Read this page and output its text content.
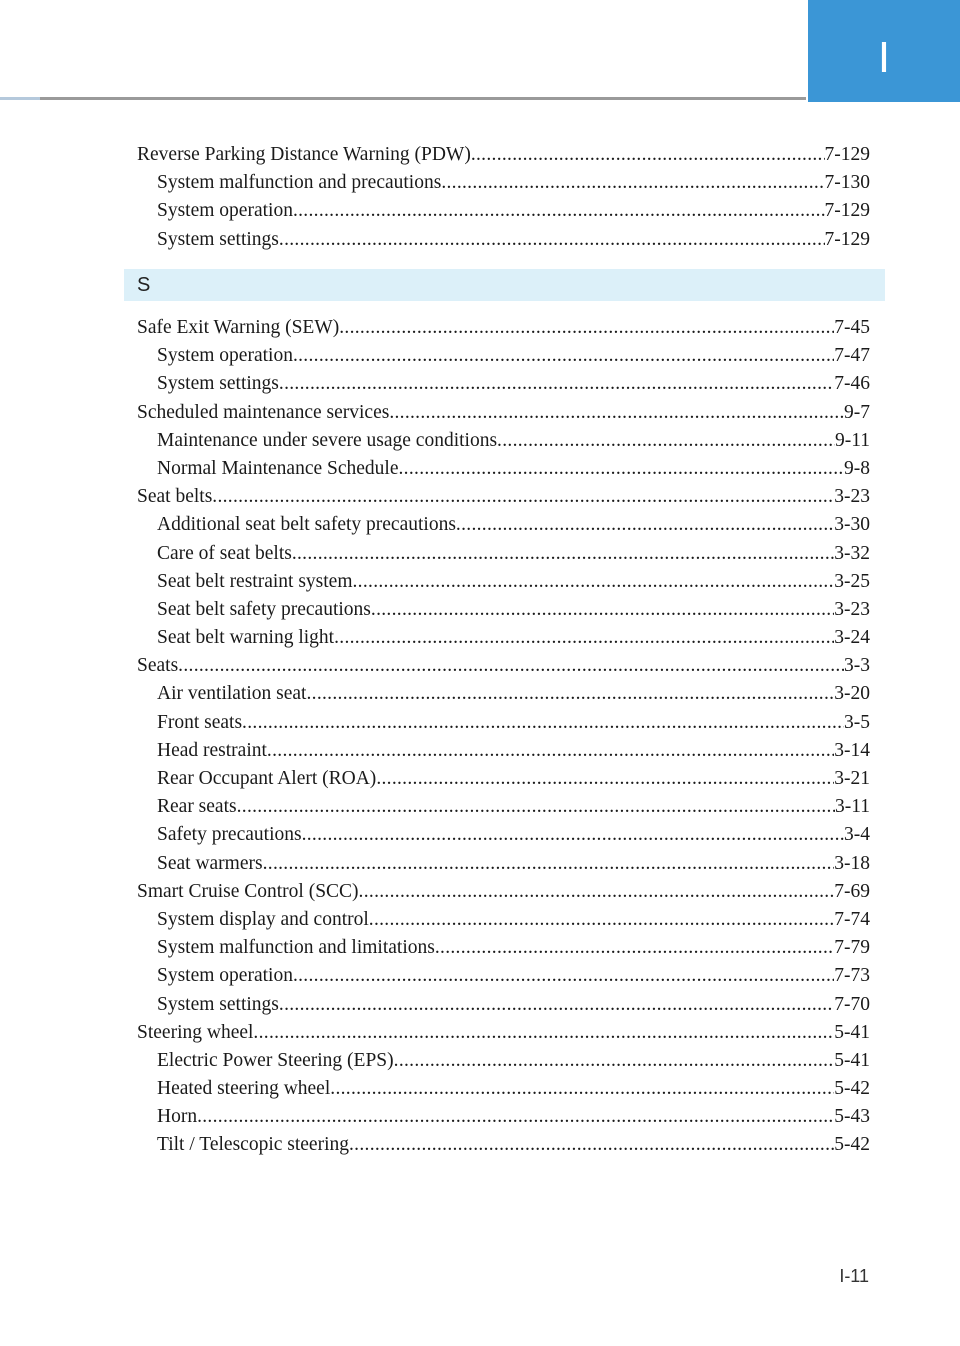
I
Reverse Parking Distance Warning (PDW) .....	7-129
System malfunction and precautions .....	7-130
System operation .....	7-129
System settings .....	7-129
S
Safe Exit Warning (SEW) .....	7-45
System operation .....	7-47
System settings .....	7-46
Scheduled maintenance services .....	9-7
Maintenance under severe usage conditions .....	9-11
Normal Maintenance Schedule .....	9-8
Seat belts .....	3-23
Additional seat belt safety precautions .....	3-30
Care of seat belts .....	3-32
Seat belt restraint system .....	3-25
Seat belt safety precautions .....	3-23
Seat belt warning light .....	3-24
Seats .....	3-3
Air ventilation seat .....	3-20
Front seats .....	3-5
Head restraint .....	3-14
Rear Occupant Alert (ROA) .....	3-21
Rear seats .....	3-11
Safety precautions .....	3-4
Seat warmers .....	3-18
Smart Cruise Control (SCC) .....	7-69
System display and control .....	7-74
System malfunction and limitations .....	7-79
System operation .....	7-73
System settings .....	7-70
Steering wheel .....	5-41
Electric Power Steering (EPS) .....	5-41
Heated steering wheel .....	5-42
Horn .....	5-43
Tilt / Telescopic steering .....	5-42
I-11
